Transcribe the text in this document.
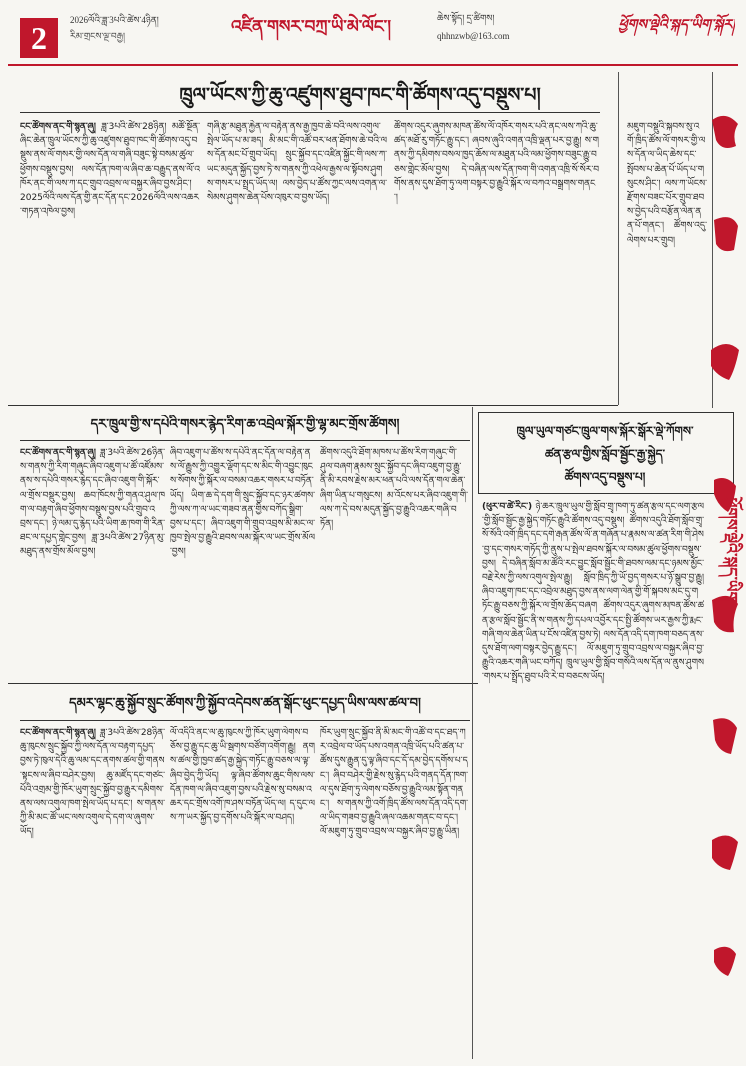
2	2026ལོའི་ཟླ་3པའི་ཚེས་4ཉིན།
རིམ་གྲངས་ལྔ་བརྒྱ།	འཛིན་གསར་བཀྲ་ཡི་མེ་ལོང་།	ཆེས་སྟོད། དྲ་ཚིགས།
qhhnzwb@163.com
ཕྱོགས་ལྡེའི་སྐད་ཡིག་སྐོར།
ཁྲུལ་ཡོངས་ཀྱི་ཆུ་འཛུགས་ཐུབ་ཁང་གི་ཚོགས་འདུ་བསྡུས་པ།
ངང་ཚོགས་ནང་གི་སྙན་ཞུ། ཟླ་3པའི་ཚེས་28ཉིན། མཚོ་སྔོན་ཞིང་ཆེན་ཁྲུལ་ཡོངས་ཀྱི་ཆུ་འཛུགས་ཐུབ་ཁང་གི་ཚོགས་འདུ་བསྡུས་ནས་ལོ་གསར་གྱི་ལས་དོན་ལ་གཞི་བཟུང་སྟེ་བསམ་ཚུལ་ཕྱོགས་བསྡུས་བྱས། ལས་དོན་ཁག་ལ་ཞིབ་ཆ་བརྒྱུད་ནས་ལོ་འཁོར་ནང་གི་ལས་ཀ་དང་གྲུབ་འབྲས་ལ་བསྐྱར་ཞིབ་བྱས་ཤིང་། 2025ལོའི་ལས་དོན་གྱི་ནང་དོན་དང་2026ལོའི་ལས་འཆར་གཏན་འཁེལ་བྱས།
གཞི་རྩ་མཐུན་རྐྱེན་ལ་བརྟེན་ནས་རྒྱ་ཁྱབ་ཆེ་བའི་ལས་འགུལ་སྤེལ་ཡོད་པ་མ་ཟད། མི་མང་གི་འཚོ་བར་ཕན་ཐོགས་ཆེ་བའི་ལས་དོན་མང་པོ་གྲུབ་ཡོད། སྲུང་སྐྱོབ་དང་འཛིན་སྐྱོང་གི་ལས་ཀ་ཡང་མདུན་སྐྱོད་བྱས་ཏེ་ས་གནས་ཀྱི་འཕེལ་རྒྱས་ལ་སྟོབས་ཤུགས་གསར་པ་སྤྲད་ཡོད་ལ། ལས་བྱེད་པ་ཚོས་ཀྱང་ལས་འགན་ལ་སེམས་ཤུགས་ཆེན་པོས་འཁུར་བ་བྱས་ཡོད།
ཚོགས་འདུར་ཞུགས་མཁན་ཚོས་ལོ་འཁོར་གསར་པའི་ནང་ལས་ཀའི་ཆུ་ཚད་མཐོ་རུ་གཏོང་རྒྱུ་དང་། ཞབས་ཞུའི་འགན་འཁྲི་ལྡན་པར་བྱ་རྒྱུ། ས་གནས་ཀྱི་དམིགས་བསལ་ཁྱད་ཆོས་ལ་མཐུན་པའི་ལམ་ཕྱོགས་བཟུང་རྒྱུ་བཅས་གླེང་མོལ་བྱས། དེ་བཞིན་ལས་དོན་ཁག་གི་འགན་འཁྲི་སོ་སོར་བགོས་ནས་དུས་ཐོག་ཏུ་ལག་བསྟར་བྱ་རྒྱུའི་སྐོར་ལ་བཀའ་བསྒྲགས་གནང་།
མཇུག་བསྡུའི་སྐབས་སུ་འགོ་ཁྲིད་ཚོས་ལོ་གསར་གྱི་ལས་དོན་ལ་ཡིད་ཆེས་དང་སྤོབས་པ་ཆེན་པོ་ཡོད་པ་གསུངས་ཤིང་། ལས་ཀ་ཡོངས་རྫོགས་བཟང་པོར་གྲུབ་ཐབས་བྱེད་པའི་བརྩོན་ལེན་ནན་པོ་གནང་། ཚོགས་འདུ་ལེགས་པར་གྲུབ།
དར་ཁྲུལ་གྱི་ས་དཔེའི་གསར་རྙེད་རིག་ཆ་འབྲེལ་སྐོར་གྱི་ལྷ་མང་གྲོས་ཚོགས།
ངང་ཚོགས་ནང་གི་སྙན་ཞུ། ཟླ་3པའི་ཚེས་26ཉིན་ས་གནས་ཀྱི་རིག་གཞུང་ཞིབ་འཇུག་པ་ཚོ་འཛོམས་ནས་ས་དཔེའི་གསར་རྙེད་དང་ཞིབ་འཇུག་གི་སྐོར་ལ་གྲོས་བསྡུར་བྱས། ཆབ་ཁོངས་ཀྱི་གནའ་ཤུལ་ཁག་ལ་བརྟག་ཞིབ་ཕྱོགས་བསྡུས་བྱས་པའི་གྲུབ་འབྲས་དང་། ཉེ་ལམ་དུ་རྙེད་པའི་ཡིག་ཆ་ཁག་གི་རིན་ཐང་ལ་དཔྱད་གླེང་བྱས། ཟླ་3པའི་ཚེས་27ཉིན་མུ་མཐུད་ནས་གྲོས་མོལ་བྱས།
ཞིབ་འཇུག་པ་ཚོས་ས་དཔེའི་ནང་དོན་ལ་བརྟེན་ནས་ལོ་རྒྱུས་ཀྱི་འགྱུར་ལྡོག་དང་ས་མིང་གི་འབྱུང་ཁུངས་སོགས་ཀྱི་སྐོར་ལ་བསམ་འཆར་གསར་པ་བཏོན་ཡོད། ཡིག་ཆ་དེ་དག་གི་སྲུང་སྐྱོབ་དང་ཉར་ཚགས་ཀྱི་ལས་ཀ་ལ་ཡང་གཟབ་ནན་གྱིས་བཀོད་སྒྲིག་བྱས་པ་དང་། ཞིབ་འཇུག་གི་གྲུབ་འབྲས་མི་མང་ལ་ཁྱབ་སྤེལ་བྱ་རྒྱུའི་ཐབས་ལམ་སྐོར་ལ་ཡང་གྲོས་མོལ་བྱས།
ཚོགས་འདུའི་ཐོག་མཁས་པ་ཚོས་རིག་གཞུང་གི་ཤུལ་བཞག་རྣམས་སྲུང་སྐྱོབ་དང་ཞིབ་འཇུག་བྱ་རྒྱུ་ནི་མི་རབས་རྗེས་མར་ཕན་པའི་ལས་དོན་གལ་ཆེན་ཞིག་ཡིན་པ་གསུངས། མ་འོངས་པར་ཞིབ་འཇུག་གི་ལས་ཀ་དེ་བས་མདུན་སྐྱོད་བྱ་རྒྱུའི་འཆར་གཞི་བཏོན།
དམར་ལྷང་ཆུ་སྐྱོབ་སྲུང་ཚོགས་ཀྱི་སྐྱོབ་འདེབས་ཚན་སྒོང་ཕུང་དཔྱད་ཡིས་ལས་ཚལ་བ།
ངང་ཚོགས་ནང་གི་སྙན་ཞུ། ཟླ་3པའི་ཚེས་28ཉིན་ཆུ་ཁུངས་སྲུང་སྐྱོབ་ཀྱི་ལས་དོན་ལ་བརྟག་དཔྱད་བྱས་ཏེ་ཁུལ་དེའི་ཆུ་ལམ་དང་ནགས་ཚལ་གྱི་གནས་སྟངས་ལ་ཞིབ་བཤེར་བྱས། ཆུ་མཛོད་དང་གཙང་པོའི་འགྲམ་གྱི་ཁོར་ཡུག་སྲུང་སྐྱོབ་བྱ་རྒྱུར་དམིགས་ནས་ལས་འགུལ་ཁག་སྤེལ་ཡོད་པ་དང་། ས་གནས་ཀྱི་མི་མང་ཚོ་ཡང་ལས་འགུལ་དེ་དག་ལ་ཞུགས་ཡོད།
ལོ་འདིའི་ནང་ལ་ཆུ་ཁུངས་ཀྱི་ཁོར་ཡུག་ལེགས་བཅོས་བྱ་རྒྱུ་དང་ཆུ་ཡི་སྦགས་བཙོག་འགོག་རྒྱུ། ནགས་ཚལ་གྱི་ཁྱབ་ཚད་རྒྱ་སྐྱེད་གཏོང་རྒྱུ་བཅས་ལ་ལྟ་ཞིབ་བྱེད་ཀྱི་ཡོད། ལྟ་ཞིབ་ཚོགས་ཆུང་གིས་ལས་དོན་ཁག་ལ་ཞིབ་འཇུག་བྱས་པའི་རྗེས་སུ་བསམ་འཆར་དང་གྲོས་འགོ་ཁ་ཤས་བཏོན་ཡོད་ལ། ད་དུང་ལས་ཀ་ཡར་སྐྱོད་བྱ་དགོས་པའི་སྐོར་ལ་བཤད།
ཁོར་ཡུག་སྲུང་སྐྱོབ་ནི་མི་མང་གི་འཚོ་བ་དང་ཐད་ཀར་འབྲེལ་བ་ཡོད་པས་འགན་འཁྲི་ཡོད་པའི་ཚན་པ་ཚོས་དུས་རྒྱུན་དུ་ལྟ་ཞིབ་དང་དོ་དམ་བྱེད་དགོས་པ་དང་། ཞིབ་བཤེར་གྱི་རྗེས་སུ་རྙེད་པའི་གནད་དོན་ཁག་ལ་དུས་ཐོག་ཏུ་ལེགས་བཅོས་བྱ་རྒྱུའི་ལམ་སྟོན་གནང་། ས་གནས་ཀྱི་འགོ་ཁྲིད་ཚོས་ལས་དོན་འདི་དག་ལ་ཡིད་གཟབ་བྱ་རྒྱུའི་ཞལ་འཆམ་གནང་བ་དང་། ལོ་མཇུག་ཏུ་གྲུབ་འབྲས་ལ་བསྐྱར་ཞིབ་བྱ་རྒྱུ་ཡིན།
ཁྲུལ་ཡུལ་གཙང་ཁྲུལ་གས་སྐོར་སྒོར་ལྡེ་ཀོགས་
ཚན་རྩལ་གྱིས་སློབ་སྦྱོང་རྒྱ་སྐྱེད་
ཚོགས་འདུ་བསྡུས་པ།
(ཕུར་བ་ཚེ་རིང་) ཉེ་ཆར་ཁྲུལ་ཡུལ་གྱི་སློབ་གྲྭ་ཁག་ཏུ་ཚན་རྩལ་དང་ལག་རྩལ་གྱི་སློབ་སྦྱོང་རྒྱ་སྐྱེད་གཏོང་རྒྱུའི་ཚོགས་འདུ་བསྡུས། ཚོགས་འདུའི་ཐོག་སློབ་གྲྭ་སོ་སོའི་འགོ་ཁྲིད་དང་དགེ་རྒན་ཚོས་ལོ་ན་གཞོན་པ་རྣམས་ལ་ཚན་རིག་གི་ཤེས་བྱ་དང་གསར་གཏོད་ཀྱི་ནུས་པ་སྤེལ་ཐབས་སྐོར་ལ་བསམ་ཚུལ་ཕྱོགས་བསྡུས་བྱས། དེ་བཞིན་སློབ་མ་ཚོའི་རང་བྱུང་སློབ་སྦྱོང་གི་ཐབས་ལམ་དང་ཉམས་མྱོང་བརྗེ་རེས་ཀྱི་ལས་འགུལ་སྤེལ་རྒྱུ། སློབ་ཁྲིད་ཀྱི་ཡོ་བྱད་གསར་པ་ཉོ་སྒྲུབ་བྱ་རྒྱུ། ཞིབ་འཇུག་ཁང་དང་འབྲེལ་མཐུད་བྱས་ནས་ལག་ལེན་གྱི་གོ་སྐབས་མང་དུ་གཏོང་རྒྱུ་བཅས་ཀྱི་སྐོར་ལ་གྲོས་ཆོད་བཞག ཚོགས་འདུར་ཞུགས་མཁན་ཚོས་ཚན་རྩལ་སློབ་སྦྱོང་ནི་ས་གནས་ཀྱི་དཔལ་འབྱོར་དང་སྤྱི་ཚོགས་ཡར་རྒྱས་ཀྱི་རྨང་གཞི་གལ་ཆེན་ཡིན་པ་ངོས་འཛིན་བྱས་ཏེ། ལས་དོན་འདི་དག་ཁག་བཅད་ནས་དུས་ཐོག་ལག་བསྟར་བྱེད་རྒྱུ་དང་། ལོ་མཇུག་ཏུ་གྲུབ་འབྲས་ལ་བསྐྱར་ཞིབ་བྱ་རྒྱུའི་འཆར་གཞི་ཡང་བཀོད། ཁྲུལ་ཡུལ་གྱི་སློབ་གསོའི་ལས་དོན་ལ་ནུས་ཤུགས་གསར་པ་སྤྲོད་ཐུབ་པའི་རེ་བ་བཅངས་ཡོད།
ཕྱོགས་ལྡེའི་སྐད་ཡིག
